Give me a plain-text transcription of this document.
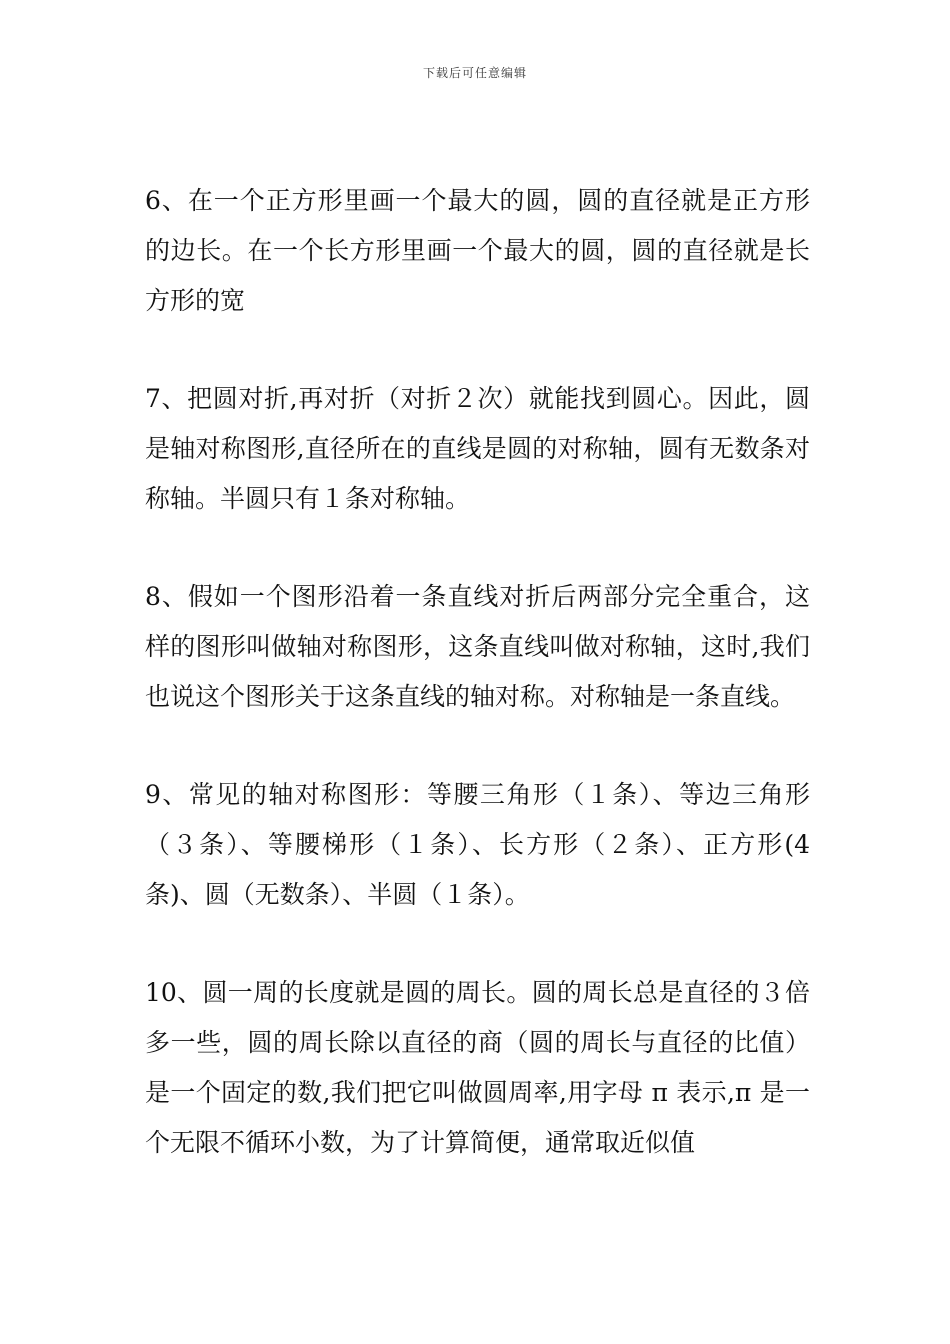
下载后可任意编辑

6、在一个正方形里画一个最大的圆，圆的直径就是正方形的边长。在一个长方形里画一个最大的圆，圆的直径就是长方形的宽

7、把圆对折,再对折（对折２次）就能找到圆心。因此，圆是轴对称图形,直径所在的直线是圆的对称轴，圆有无数条对称轴。半圆只有１条对称轴。

8、假如一个图形沿着一条直线对折后两部分完全重合，这样的图形叫做轴对称图形，这条直线叫做对称轴，这时,我们也说这个图形关于这条直线的轴对称。对称轴是一条直线。

9、常见的轴对称图形：等腰三角形（１条）、等边三角形（３条）、等腰梯形（１条）、长方形（２条）、正方形(4条)、圆（无数条）、半圆（１条）。

10、圆一周的长度就是圆的周长。圆的周长总是直径的３倍多一些，圆的周长除以直径的商（圆的周长与直径的比值）是一个固定的数,我们把它叫做圆周率,用字母 π 表示,π 是一个无限不循环小数，为了计算简便，通常取近似值
